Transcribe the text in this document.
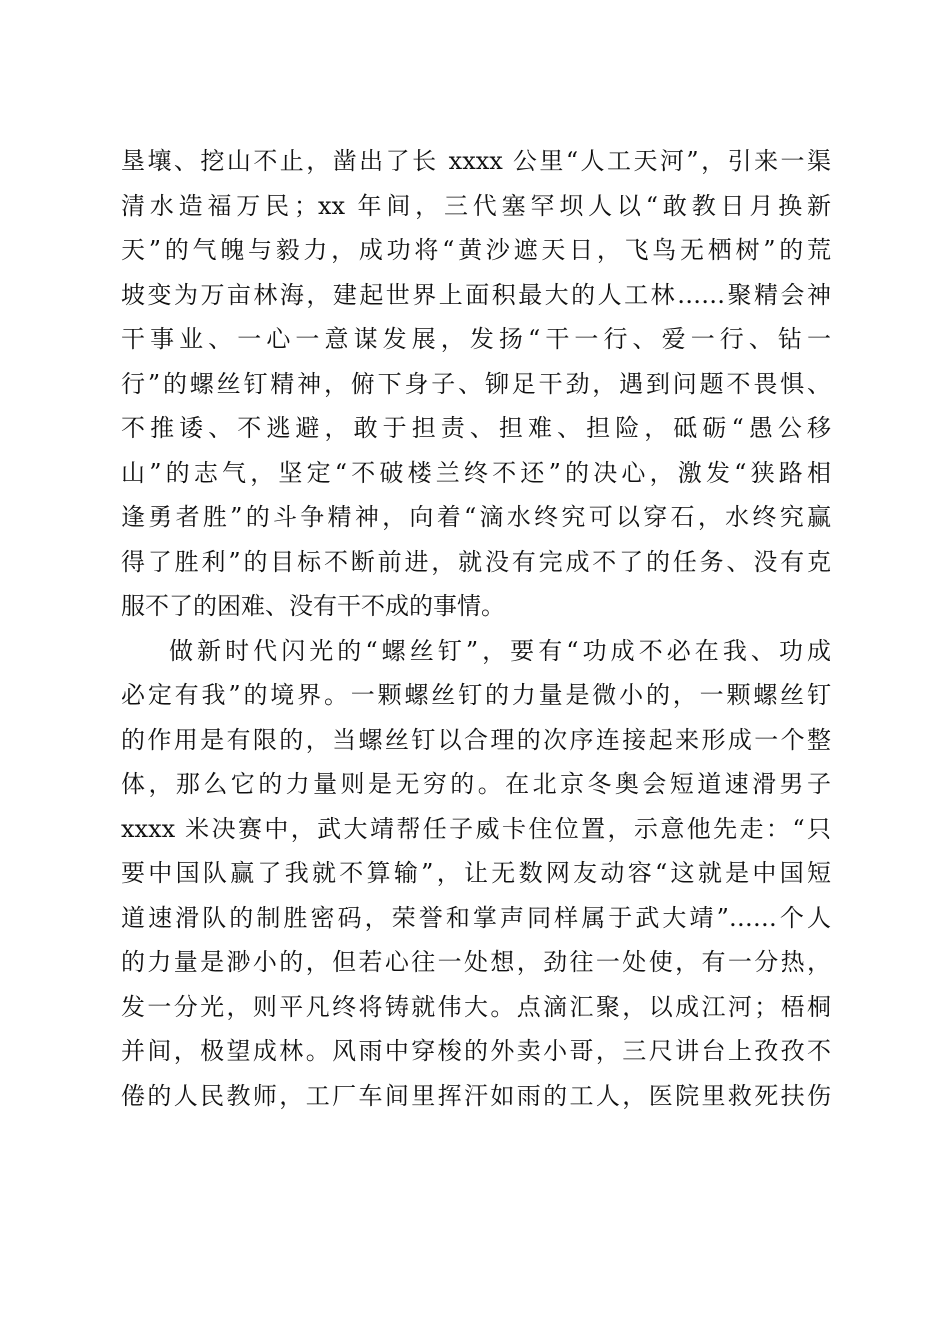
垦壤、挖山不止，凿出了长 xxxx 公里“人工天河”，引来一渠
清水造福万民；xx 年间，三代塞罕坝人以“敢教日月换新
天”的气魄与毅力，成功将“黄沙遮天日，飞鸟无栖树”的荒
坡变为万亩林海，建起世界上面积最大的人工林……聚精会神
干事业、一心一意谋发展，发扬“干一行、爱一行、钻一
行”的螺丝钉精神，俯下身子、铆足干劲，遇到问题不畏惧、
不推诿、不逃避，敢于担责、担难、担险，砥砺“愚公移
山”的志气，坚定“不破楼兰终不还”的决心，激发“狭路相
逢勇者胜”的斗争精神，向着“滴水终究可以穿石，水终究赢
得了胜利”的目标不断前进，就没有完成不了的任务、没有克
服不了的困难、没有干不成的事情。
做新时代闪光的“螺丝钉”，要有“功成不必在我、功成
必定有我”的境界。一颗螺丝钉的力量是微小的，一颗螺丝钉
的作用是有限的，当螺丝钉以合理的次序连接起来形成一个整
体，那么它的力量则是无穷的。在北京冬奥会短道速滑男子
xxxx 米决赛中，武大靖帮任子威卡住位置，示意他先走：“只
要中国队赢了我就不算输”，让无数网友动容“这就是中国短
道速滑队的制胜密码，荣誉和掌声同样属于武大靖”……个人
的力量是渺小的，但若心往一处想，劲往一处使，有一分热，
发一分光，则平凡终将铸就伟大。点滴汇聚，以成江河；梧桐
并间，极望成林。风雨中穿梭的外卖小哥，三尺讲台上孜孜不
倦的人民教师，工厂车间里挥汗如雨的工人，医院里救死扶伤
